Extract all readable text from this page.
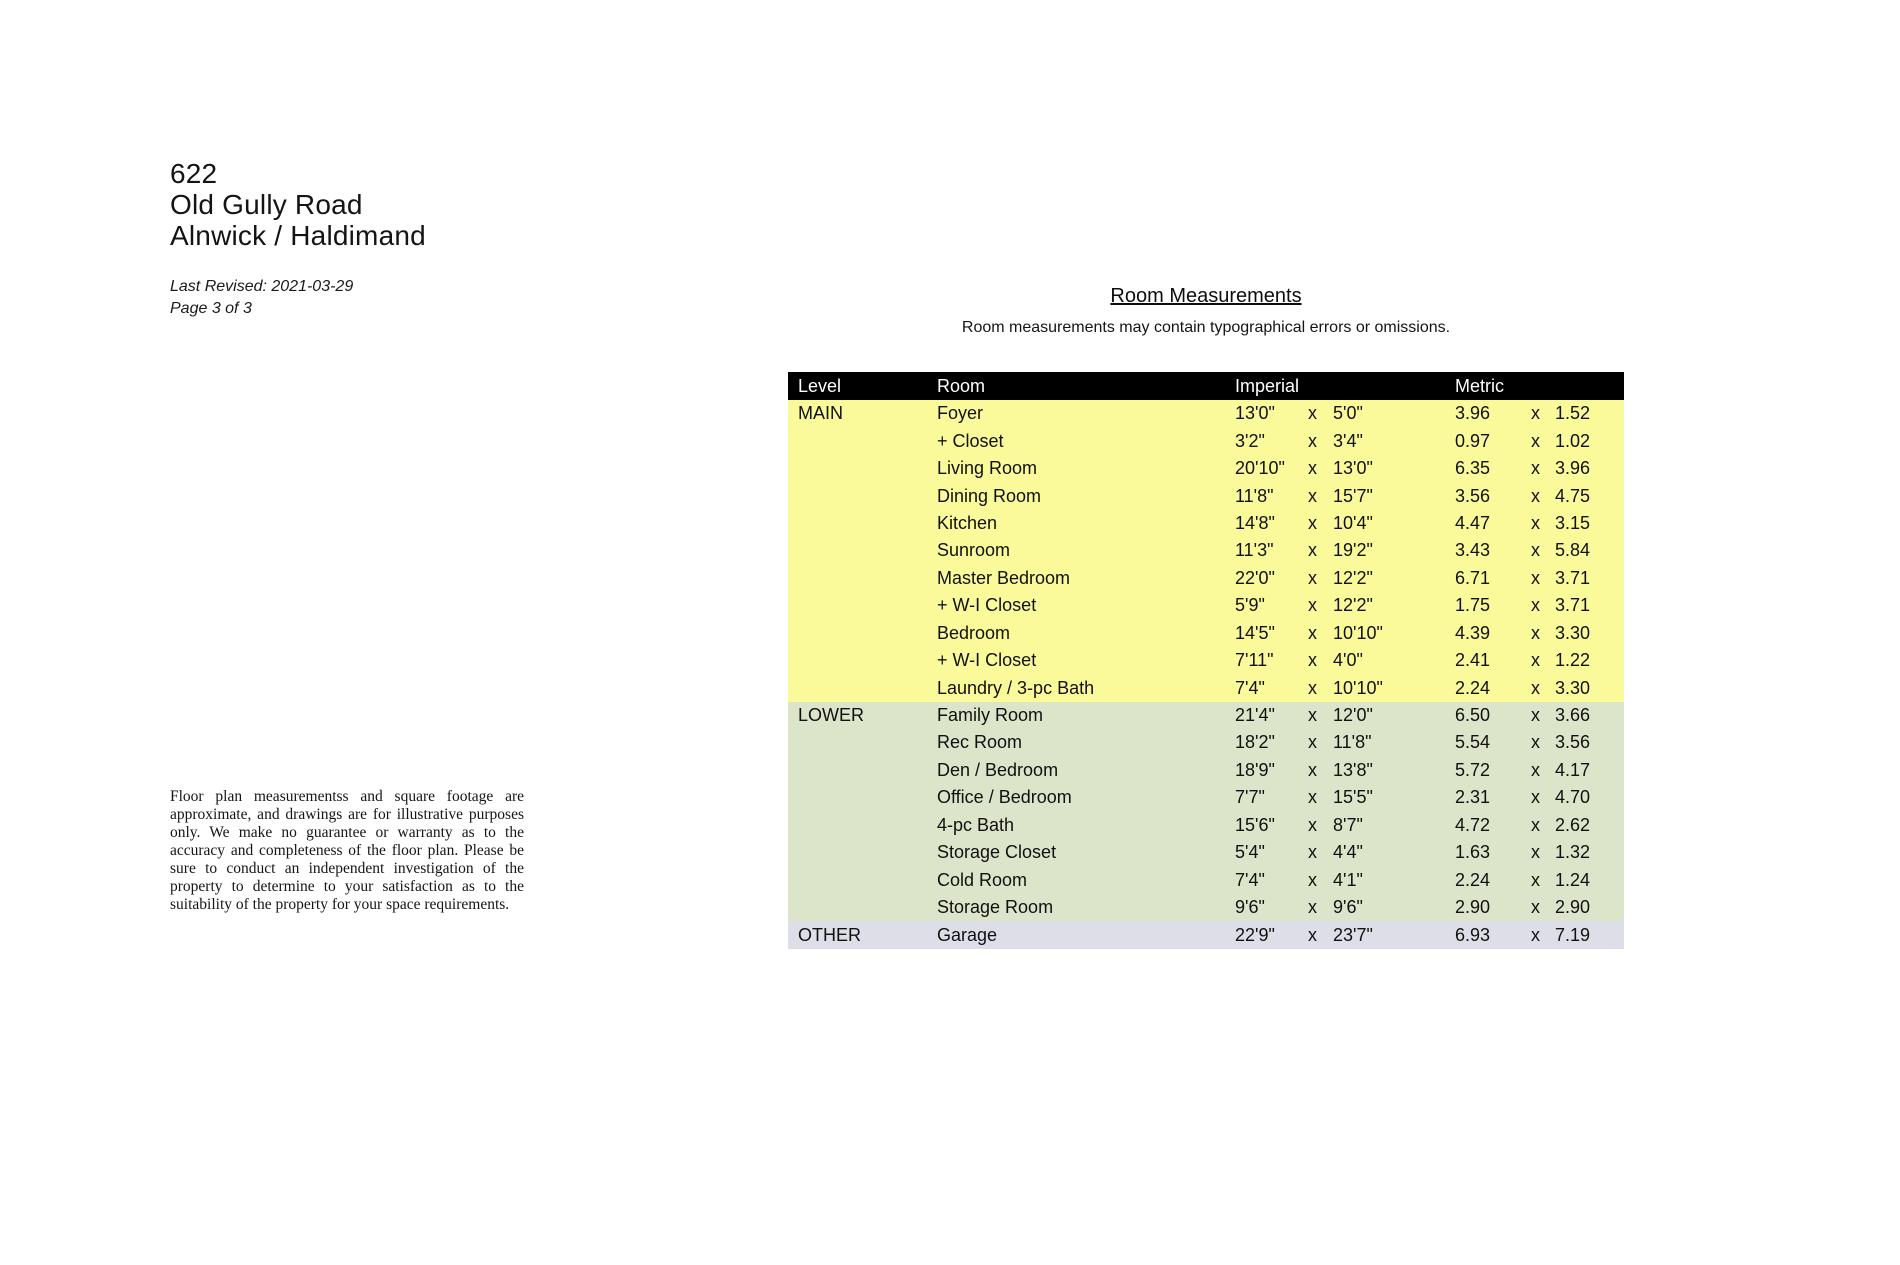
622
Old Gully Road
Alnwick / Haldimand
Last Revised: 2021-03-29
Page 3 of 3
Floor plan measurementss and square footage are approximate, and drawings are for illustrative purposes only. We make no guarantee or warranty as to the accuracy and completeness of the floor plan. Please be sure to conduct an independent investigation of the property to determine to your satisfaction as to the suitability of the property for your space requirements.
Room Measurements
Room measurements may contain typographical errors or omissions.
Level	Room	Imperial	Metric
MAIN	Foyer	13'0"	x 5'0"	3.96	x 1.52
+ Closet	3'2"	x 3'4"	0.97	x 1.02
Living Room	20'10"	x 13'0"	6.35	x 3.96
Dining Room	11'8"	x 15'7"	3.56	x 4.75
Kitchen	14'8"	x 10'4"	4.47	x 3.15
Sunroom	11'3"	x 19'2"	3.43	x 5.84
Master Bedroom	22'0"	x 12'2"	6.71	x 3.71
+ W-I Closet	5'9"	x 12'2"	1.75	x 3.71
Bedroom	14'5"	x 10'10"	4.39	x 3.30
+ W-I Closet	7'11"	x 4'0"	2.41	x 1.22
Laundry / 3-pc Bath	7'4"	x 10'10"	2.24	x 3.30
LOWER	Family Room	21'4"	x 12'0"	6.50	x 3.66
Rec Room	18'2"	x 11'8"	5.54	x 3.56
Den / Bedroom	18'9"	x 13'8"	5.72	x 4.17
Office / Bedroom	7'7"	x 15'5"	2.31	x 4.70
4-pc Bath	15'6"	x 8'7"	4.72	x 2.62
Storage Closet	5'4"	x 4'4"	1.63	x 1.32
Cold Room	7'4"	x 4'1"	2.24	x 1.24
Storage Room	9'6"	x 9'6"	2.90	x 2.90
OTHER	Garage	22'9"	x 23'7"	6.93	x 7.19
